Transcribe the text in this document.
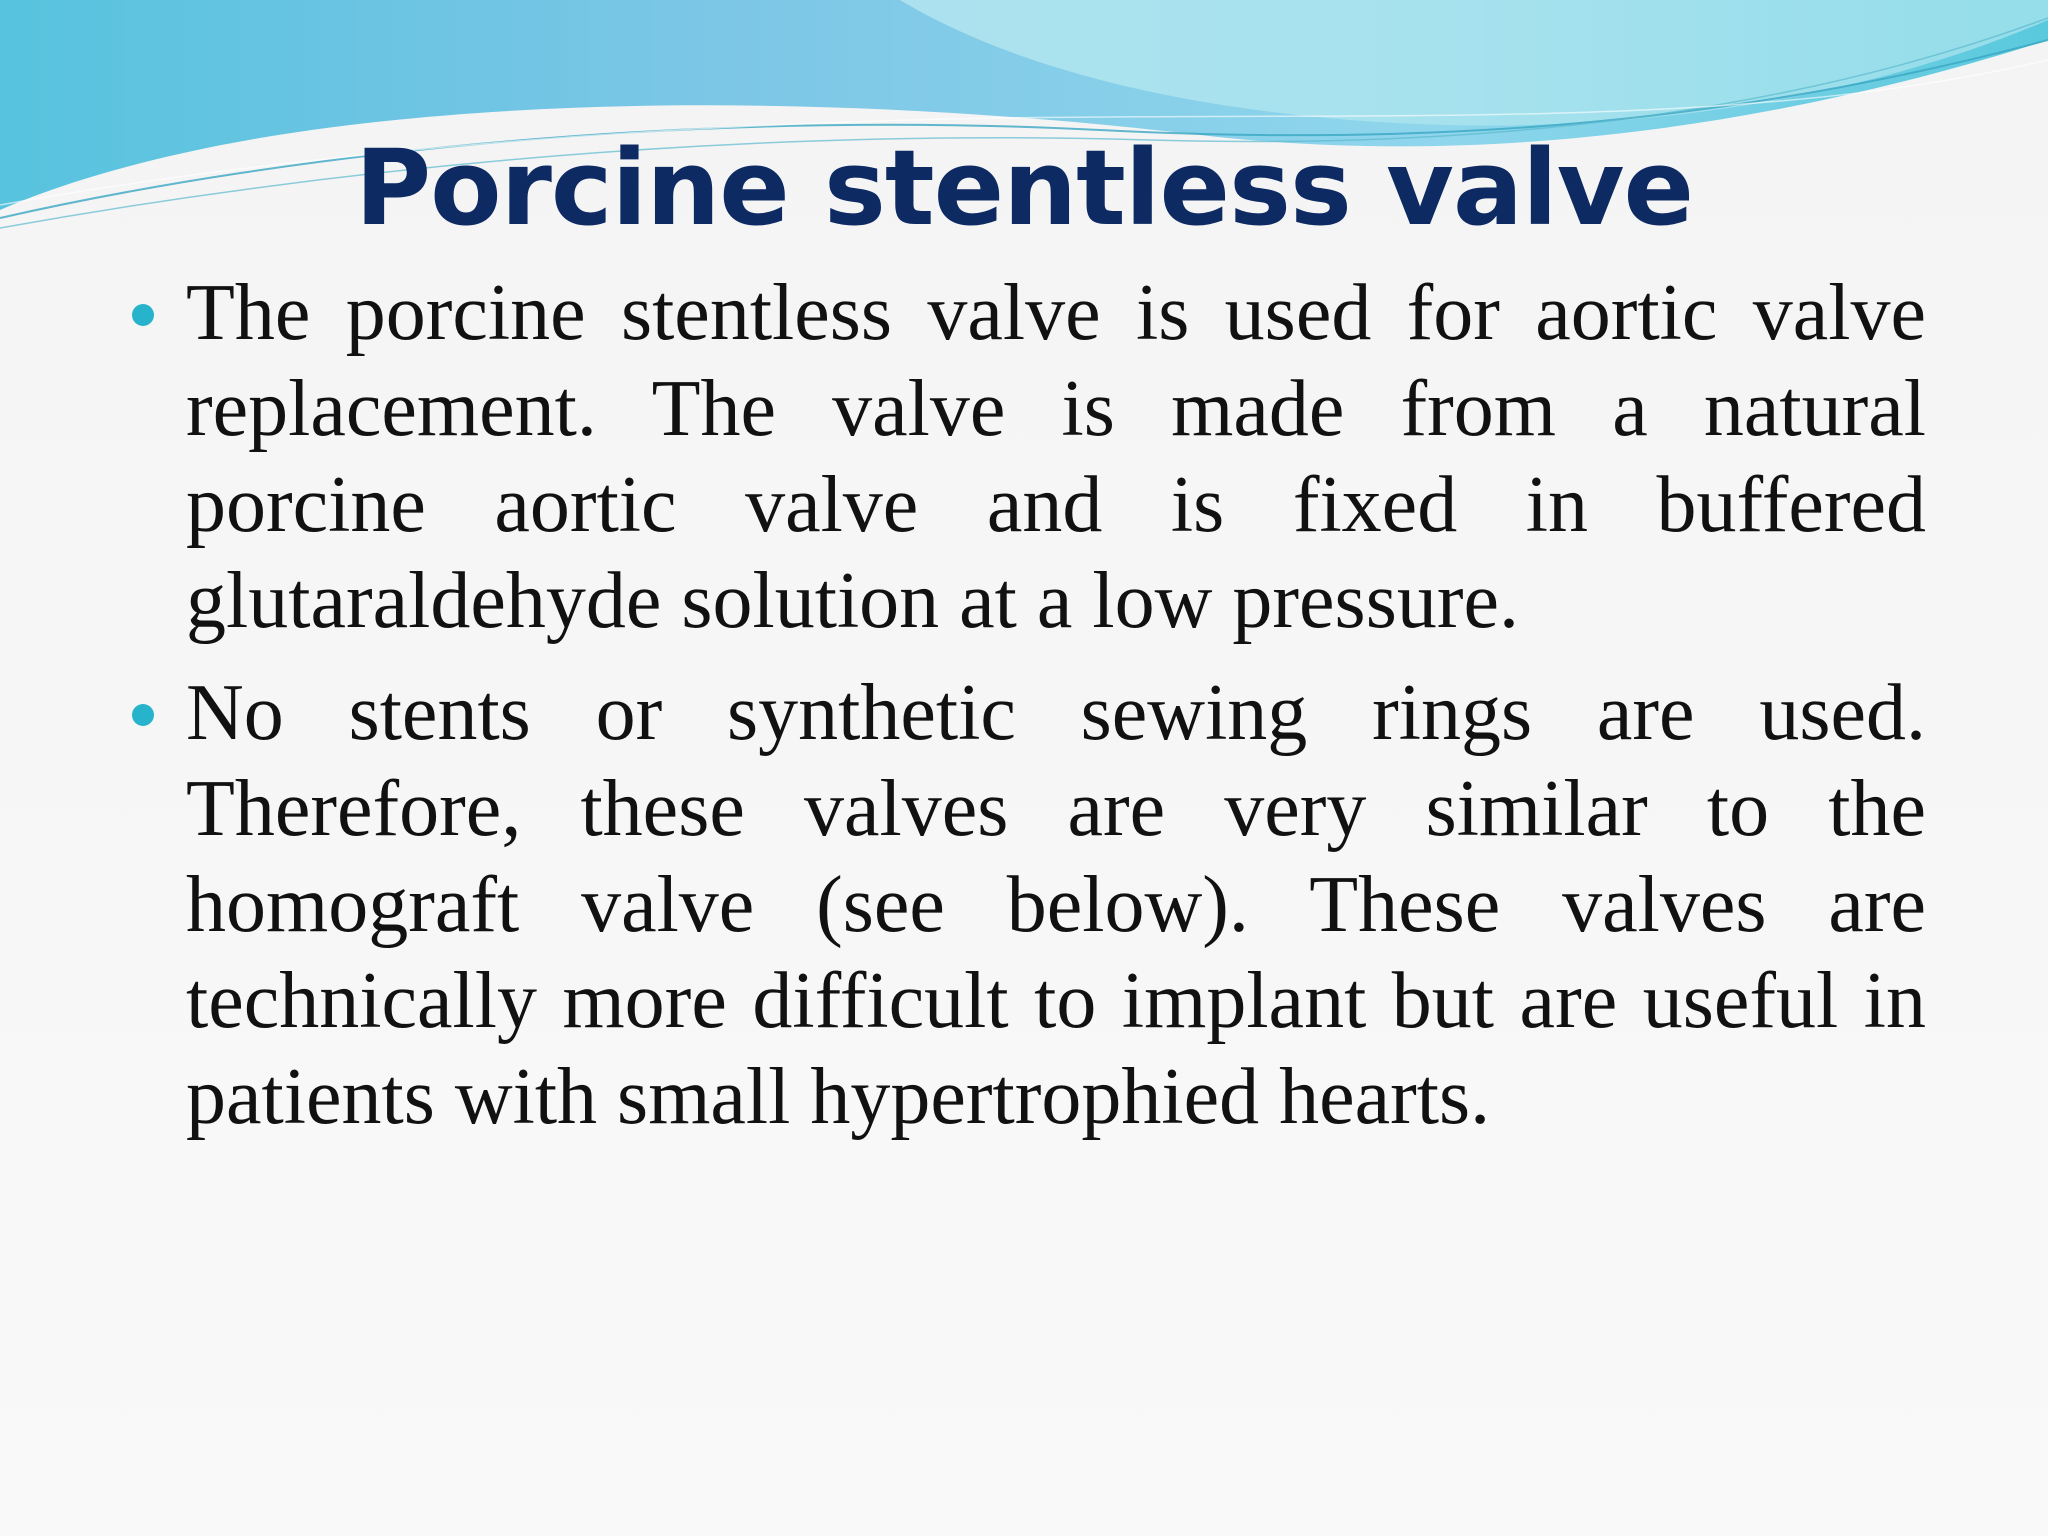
Porcine stentless valve

The porcine stentless valve is used for aortic valve replacement. The valve is made from a natural porcine aortic valve and is fixed in buffered glutaraldehyde solution at a low pressure.

No stents or synthetic sewing rings are used. Therefore, these valves are very similar to the homograft valve (see below). These valves are technically more difficult to implant but are useful in patients with small hypertrophied hearts.
